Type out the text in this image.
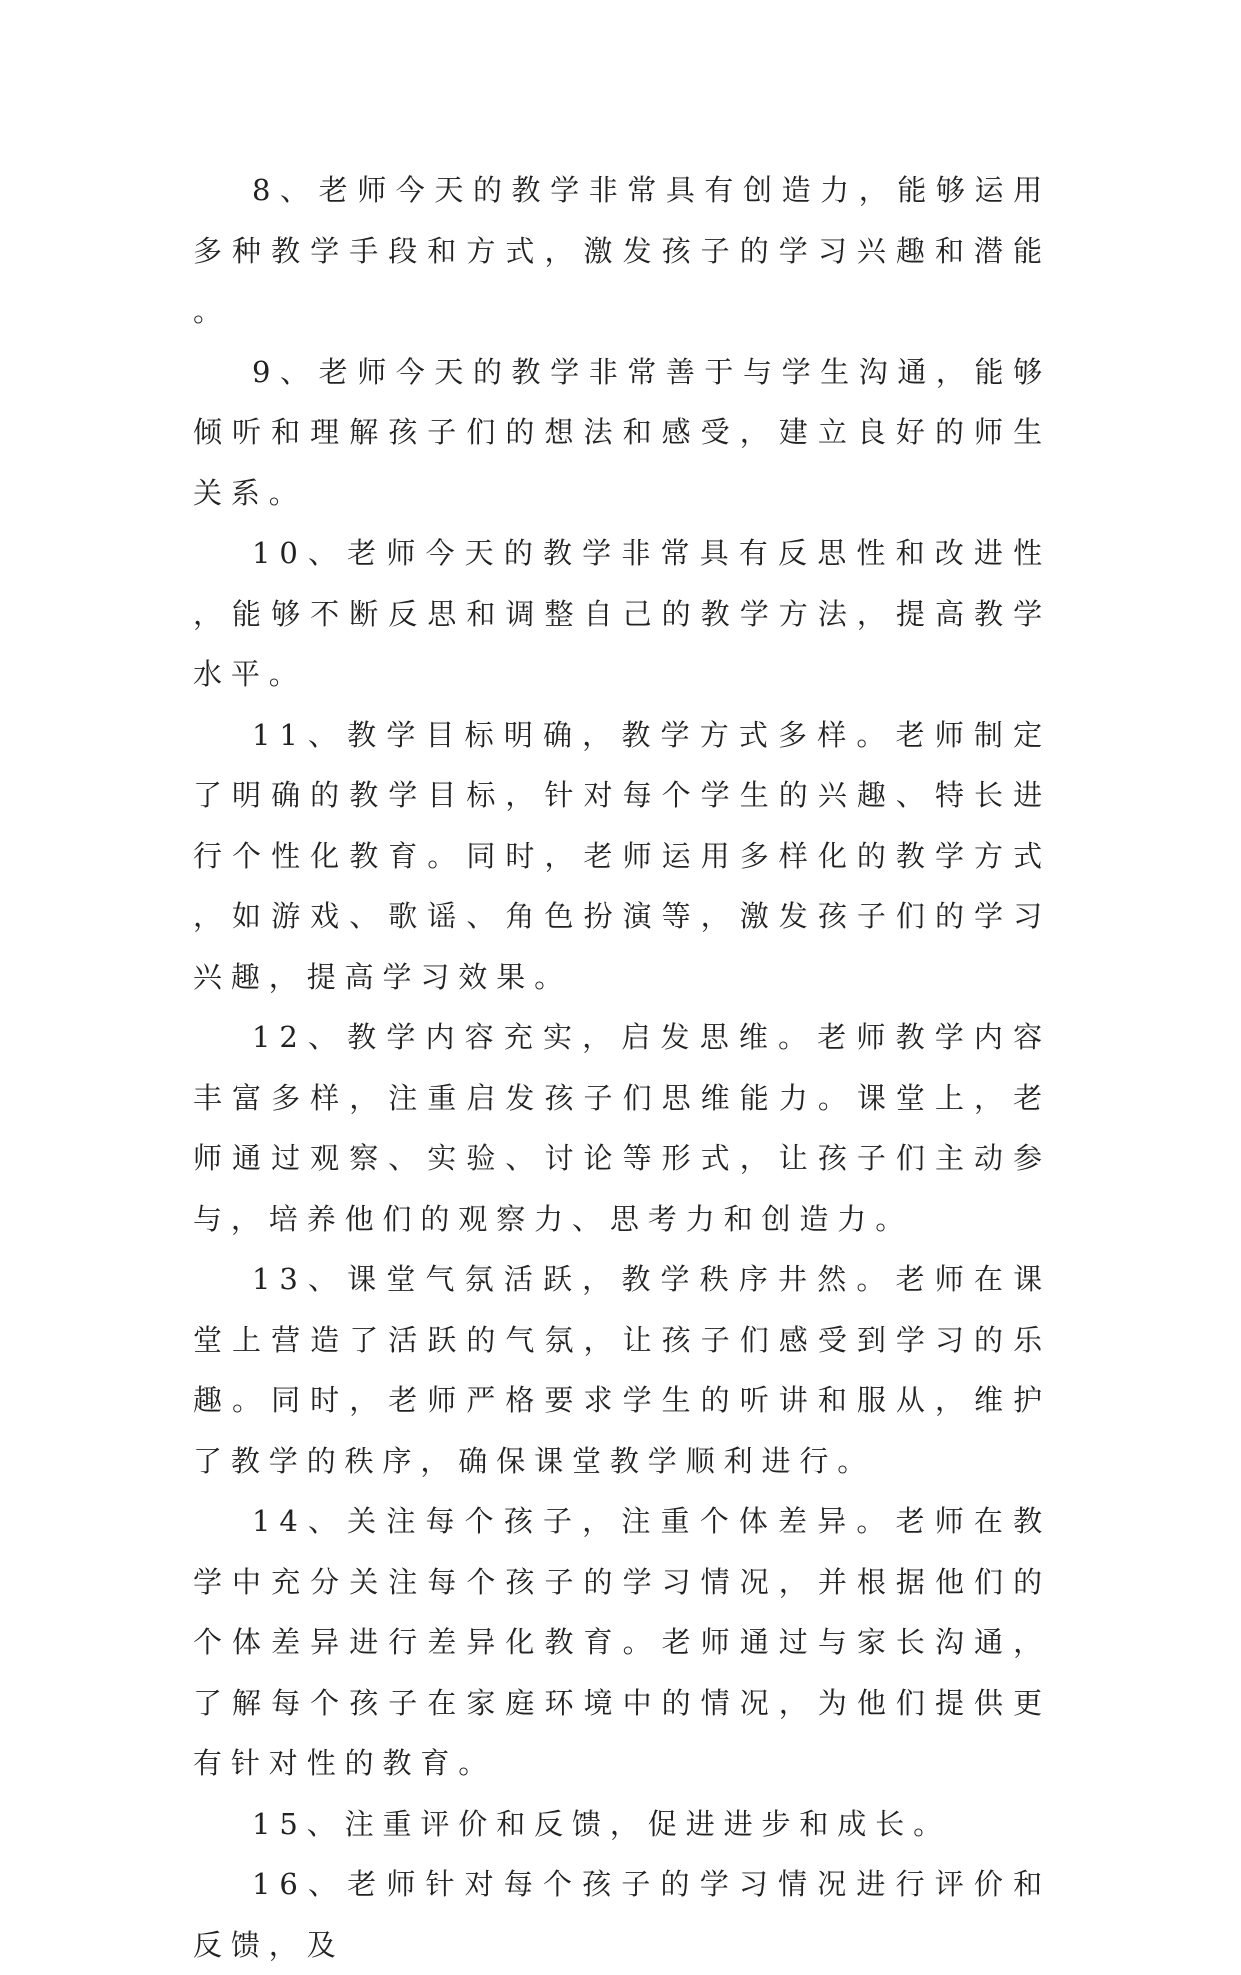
8、老师今天的教学非常具有创造力，能够运用多种教学手段和方式，激发孩子的学习兴趣和潜能。

9、老师今天的教学非常善于与学生沟通，能够倾听和理解孩子们的想法和感受，建立良好的师生关系。

10、老师今天的教学非常具有反思性和改进性，能够不断反思和调整自己的教学方法，提高教学水平。

11、教学目标明确，教学方式多样。老师制定了明确的教学目标，针对每个学生的兴趣、特长进行个性化教育。同时，老师运用多样化的教学方式，如游戏、歌谣、角色扮演等，激发孩子们的学习兴趣，提高学习效果。

12、教学内容充实，启发思维。老师教学内容丰富多样，注重启发孩子们思维能力。课堂上，老师通过观察、实验、讨论等形式，让孩子们主动参与，培养他们的观察力、思考力和创造力。

13、课堂气氛活跃，教学秩序井然。老师在课堂上营造了活跃的气氛，让孩子们感受到学习的乐趣。同时，老师严格要求学生的听讲和服从，维护了教学的秩序，确保课堂教学顺利进行。

14、关注每个孩子，注重个体差异。老师在教学中充分关注每个孩子的学习情况，并根据他们的个体差异进行差异化教育。老师通过与家长沟通，了解每个孩子在家庭环境中的情况，为他们提供更有针对性的教育。

15、注重评价和反馈，促进进步和成长。

16、老师针对每个孩子的学习情况进行评价和反馈，及
